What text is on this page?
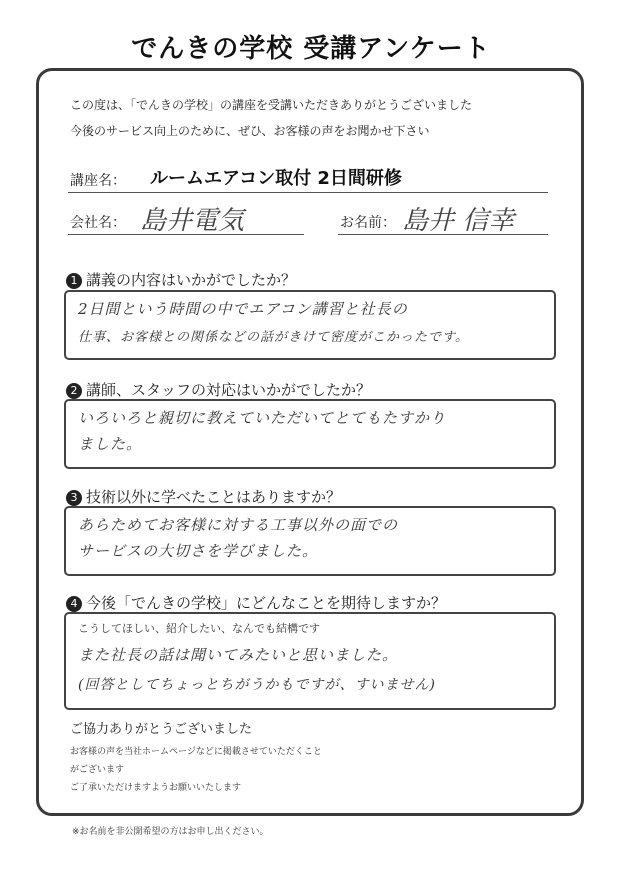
でんきの学校 受講アンケート
この度は、「でんきの学校」の講座を受講いただきありがとうございました
今後のサービス向上のために、ぜひ、お客様の声をお聞かせ下さい
講座名： ルームエアコン取付 2日間研修
会社名： 島井電気	お名前： 島井 信幸
1 講義の内容はいかがでしたか？
2日間という時間の中でエアコン講習と社長の
仕事、お客様との関係などの話がきけて密度がこかったです。
2 講師、スタッフの対応はいかがでしたか？
いろいろと親切に教えていただいてとてもたすかり
ました。
3 技術以外に学べたことはありますか？
あらためてお客様に対する工事以外の面での
サービスの大切さを学びました。
4 今後「でんきの学校」にどんなことを期待しますか？
こうしてほしい、紹介したい、なんでも結構です
また社長の話は聞いてみたいと思いました。
(回答としてちょっとちがうかもですが、すいません)
ご協力ありがとうございました
お客様の声を当社ホームページなどに掲載させていただくこと
がございます
ご了承いただけますようお願いいたします
※お名前を非公開希望の方はお申し出ください。
